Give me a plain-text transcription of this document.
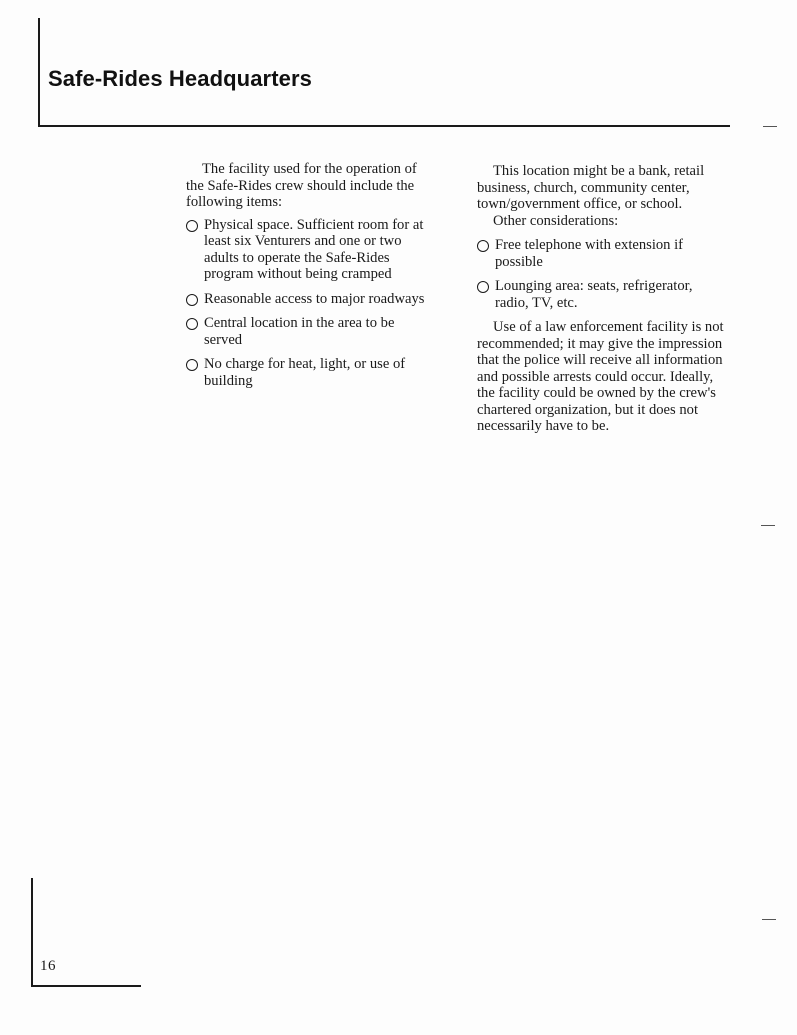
Safe-Rides Headquarters

The facility used for the operation of the Safe-Rides crew should include the following items:

Physical space. Sufficient room for at least six Venturers and one or two adults to operate the Safe-Rides program without being cramped

Reasonable access to major roadways

Central location in the area to be served

No charge for heat, light, or use of building

This location might be a bank, retail business, church, community center, town/government office, or school.

Other considerations:

Free telephone with extension if possible

Lounging area: seats, refrigerator, radio, TV, etc.

Use of a law enforcement facility is not recommended; it may give the impression that the police will receive all information and possible arrests could occur. Ideally, the facility could be owned by the crew's chartered organization, but it does not necessarily have to be.

16
